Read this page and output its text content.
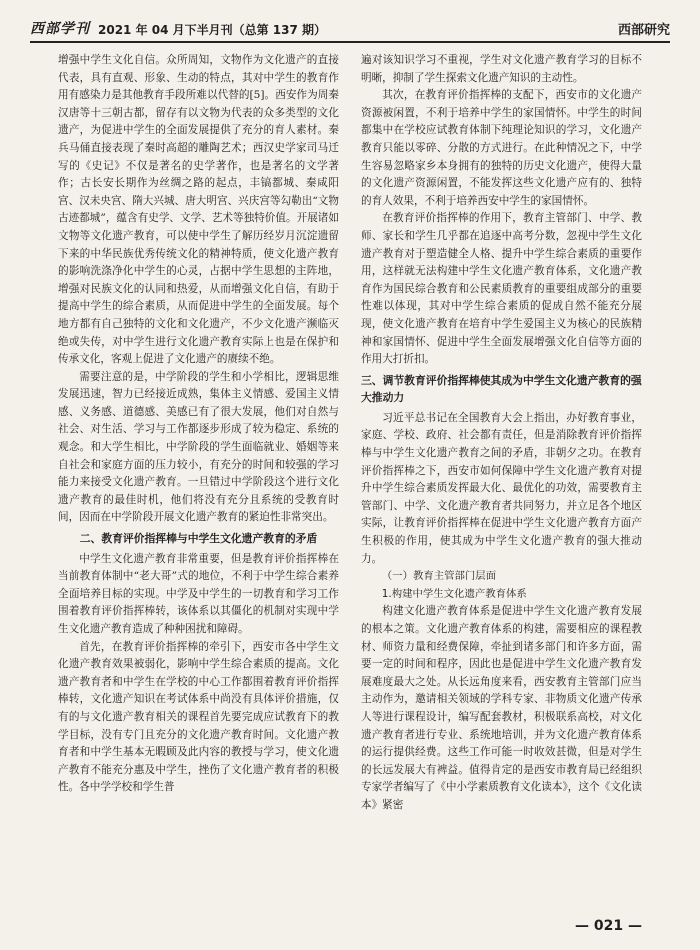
西部学刊 2021 年 04 月下半月刊（总第 137 期）	西部研究

增强中学生文化自信。众所周知，文物作为文化遗产的直接代表，具有直观、形象、生动的特点，其对中学生的教育作用有感染力是其他教育手段所难以代替的[5]。西安作为周秦汉唐等十三朝古都，留存有以文物为代表的众多类型的文化遗产，为促进中学生的全面发展提供了充分的育人素材。秦兵马俑直接表现了秦时高超的雕陶艺术；西汉史学家司马迁写的《史记》不仅是著名的史学著作，也是著名的文学著作；古长安长期作为丝绸之路的起点，丰镐都城、秦咸阳宫、汉未央宫、隋大兴城、唐大明宫、兴庆宫等勾勒出“文物古迹都城”，蕴含有史学、文学、艺术等独特价值。开展诸如文物等文化遗产教育，可以使中学生了解历经岁月沉淀遗留下来的中华民族优秀传统文化的精神特质，使文化遗产教育的影响洗涤净化中学生的心灵，占据中学生思想的主阵地，增强对民族文化的认同和热爱，从而增强文化自信，有助于提高中学生的综合素质，从而促进中学生的全面发展。每个地方都有自己独特的文化和文化遗产，不少文化遗产濒临灭绝或失传，对中学生进行文化遗产教育实际上也是在保护和传承文化，客观上促进了文化遗产的赓续不绝。

需要注意的是，中学阶段的学生和小学相比，逻辑思维发展迅速，智力已经接近成熟，集体主义情感、爱国主义情感、义务感、道德感、美感已有了很大发展，他们对自然与社会、对生活、学习与工作都逐步形成了较为稳定、系统的观念。和大学生相比，中学阶段的学生面临就业、婚姻等来自社会和家庭方面的压力较小，有充分的时间和较强的学习能力来接受文化遗产教育。一旦错过中学阶段这个进行文化遗产教育的最佳时机，他们将没有充分且系统的受教育时间，因而在中学阶段开展文化遗产教育的紧迫性非常突出。

二、教育评价指挥棒与中学生文化遗产教育的矛盾

中学生文化遗产教育非常重要，但是教育评价指挥棒在当前教育体制中“老大哥”式的地位，不利于中学生综合素养全面培养目标的实现。中学及中学生的一切教育和学习工作围着教育评价指挥棒转，该体系以其僵化的机制对实现中学生文化遗产教育造成了种种困扰和障碍。

首先，在教育评价指挥棒的牵引下，西安市各中学生文化遗产教育效果被弱化，影响中学生综合素质的提高。文化遗产教育者和中学生在学校的中心工作都围着教育评价指挥棒转，文化遗产知识在考试体系中尚没有具体评价措施，仅有的与文化遗产教育相关的课程首先要完成应试教育下的教学目标，没有专门且充分的文化遗产教育时间。文化遗产教育者和中学生基本无暇顾及此内容的教授与学习，使文化遗产教育不能充分惠及中学生，挫伤了文化遗产教育者的积极性。各中学学校和学生普

遍对该知识学习不重视，学生对文化遗产教育学习的目标不明晰，抑制了学生探索文化遗产知识的主动性。

其次，在教育评价指挥棒的支配下，西安市的文化遗产资源被闲置，不利于培养中学生的家国情怀。中学生的时间都集中在学校应试教育体制下纯理论知识的学习，文化遗产教育只能以零碎、分散的方式进行。在此种情况之下，中学生容易忽略家乡本身拥有的独特的历史文化遗产，使得大量的文化遗产资源闲置，不能发挥这些文化遗产应有的、独特的育人效果，不利于培养西安中学生的家国情怀。

在教育评价指挥棒的作用下，教育主管部门、中学、教师、家长和学生几乎都在追逐中高考分数，忽视中学生文化遗产教育对于塑造健全人格、提升中学生综合素质的重要作用，这样就无法构建中学生文化遗产教育体系，文化遗产教育作为国民综合教育和公民素质教育的重要组成部分的重要性难以体现，其对中学生综合素质的促成自然不能充分展现，使文化遗产教育在培育中学生爱国主义为核心的民族精神和家国情怀、促进中学生全面发展增强文化自信等方面的作用大打折扣。

三、调节教育评价指挥棒使其成为中学生文化遗产教育的强大推动力

习近平总书记在全国教育大会上指出，办好教育事业，家庭、学校、政府、社会都有责任，但是消除教育评价指挥棒与中学生文化遗产教育之间的矛盾，非朝夕之功。在教育评价指挥棒之下，西安市如何保障中学生文化遗产教育对提升中学生综合素质发挥最大化、最优化的功效，需要教育主管部门、中学、文化遗产教育者共同努力，并立足各个地区实际，让教育评价指挥棒在促进中学生文化遗产教育方面产生积极的作用，使其成为中学生文化遗产教育的强大推动力。

（一）教育主管部门层面
1.构建中学生文化遗产教育体系

构建文化遗产教育体系是促进中学生文化遗产教育发展的根本之策。文化遗产教育体系的构建，需要相应的课程教材、师资力量和经费保障，牵扯到诸多部门和许多方面，需要一定的时间和程序，因此也是促进中学生文化遗产教育发展难度最大之处。从长远角度来看，西安教育主管部门应当主动作为，邀请相关领域的学科专家、非物质文化遗产传承人等进行课程设计，编写配套教材，积极联系高校，对文化遗产教育者进行专业、系统地培训，并为文化遗产教育体系的运行提供经费。这些工作可能一时收效甚微，但是对学生的长远发展大有裨益。值得肯定的是西安市教育局已经组织专家学者编写了《中小学素质教育文化读本》，这个《文化读本》紧密

— 021 —
